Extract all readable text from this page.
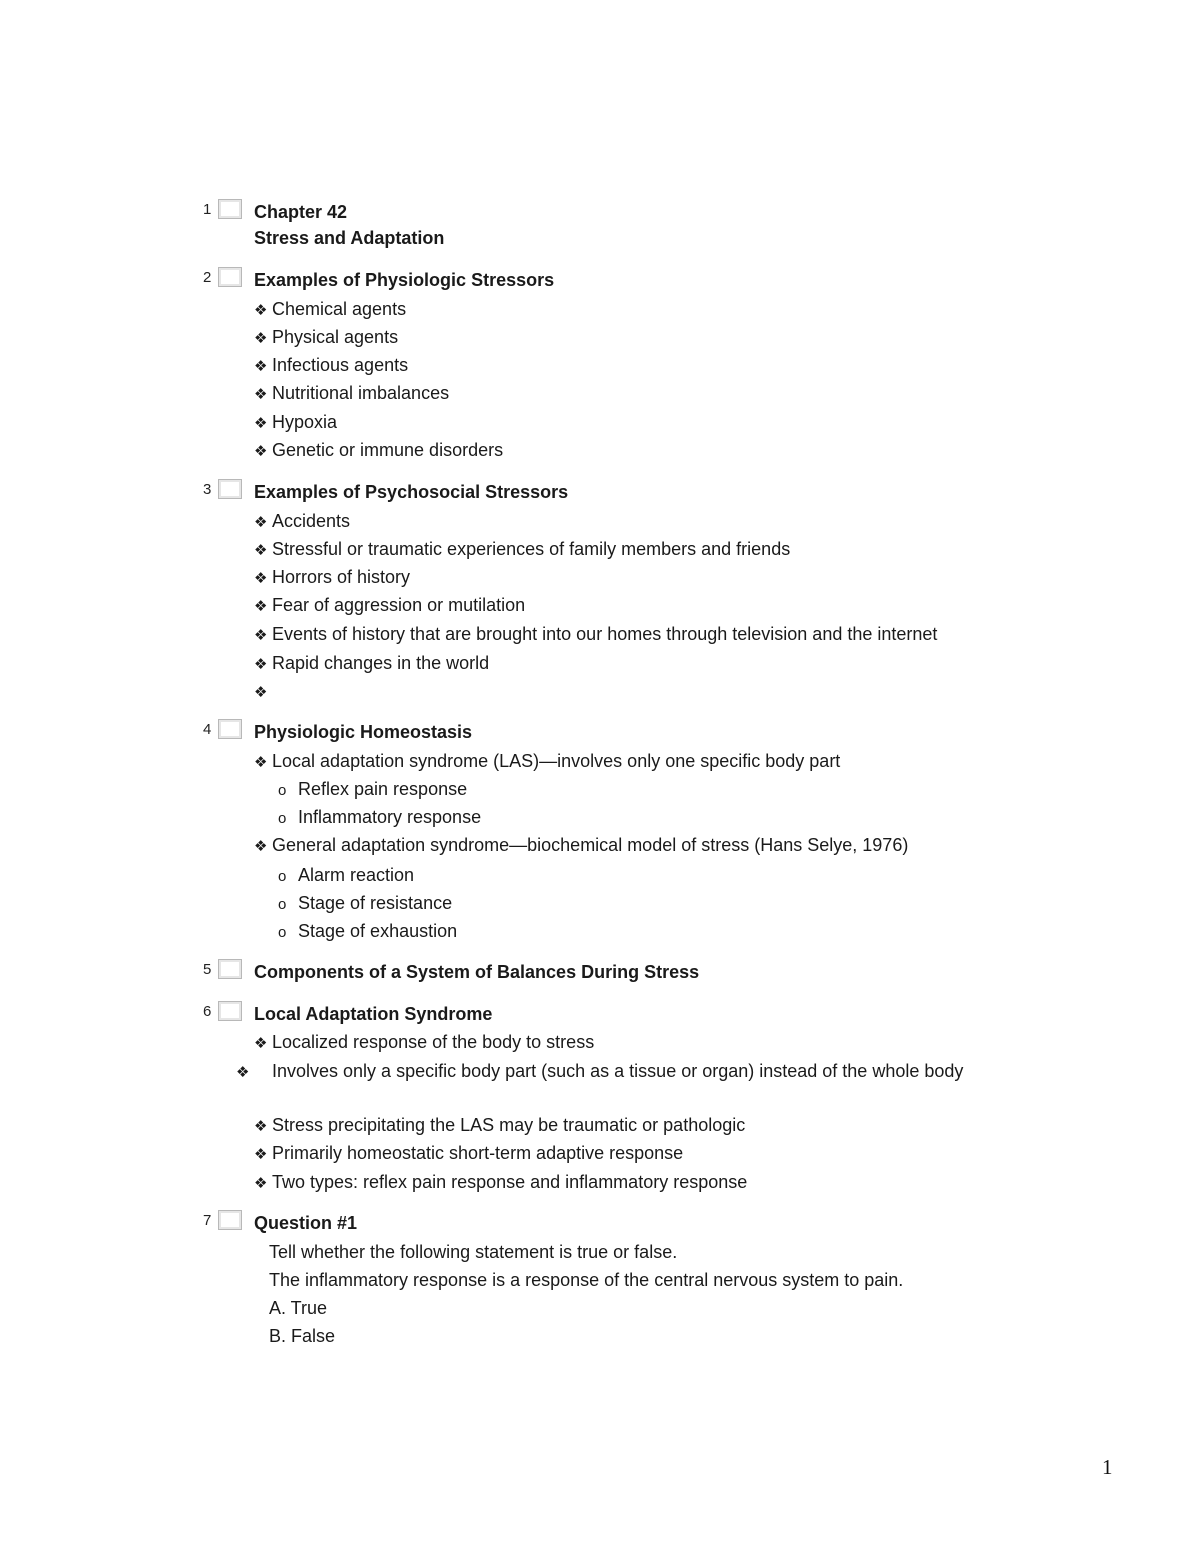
1 Chapter 42
Stress and Adaptation
2 Examples of Physiologic Stressors
❖ Chemical agents
❖ Physical agents
❖ Infectious agents
❖ Nutritional imbalances
❖ Hypoxia
❖ Genetic or immune disorders
3 Examples of Psychosocial Stressors
❖ Accidents
❖ Stressful or traumatic experiences of family members and friends
❖ Horrors of history
❖ Fear of aggression or mutilation
❖ Events of history that are brought into our homes through television and the internet
❖ Rapid changes in the world
❖
4 Physiologic Homeostasis
❖ Local adaptation syndrome (LAS)—involves only one specific body part
o Reflex pain response
o Inflammatory response
❖ General adaptation syndrome—biochemical model of stress (Hans Selye, 1976)
o Alarm reaction
o Stage of resistance
o Stage of exhaustion
5 Components of a System of Balances During Stress
6 Local Adaptation Syndrome
❖ Localized response of the body to stress
❖ Involves only a specific body part (such as a tissue or organ) instead of the whole body
❖ Stress precipitating the LAS may be traumatic or pathologic
❖ Primarily homeostatic short-term adaptive response
❖ Two types: reflex pain response and inflammatory response
7 Question #1
Tell whether the following statement is true or false.
The inflammatory response is a response of the central nervous system to pain.
A. True
B. False
1
